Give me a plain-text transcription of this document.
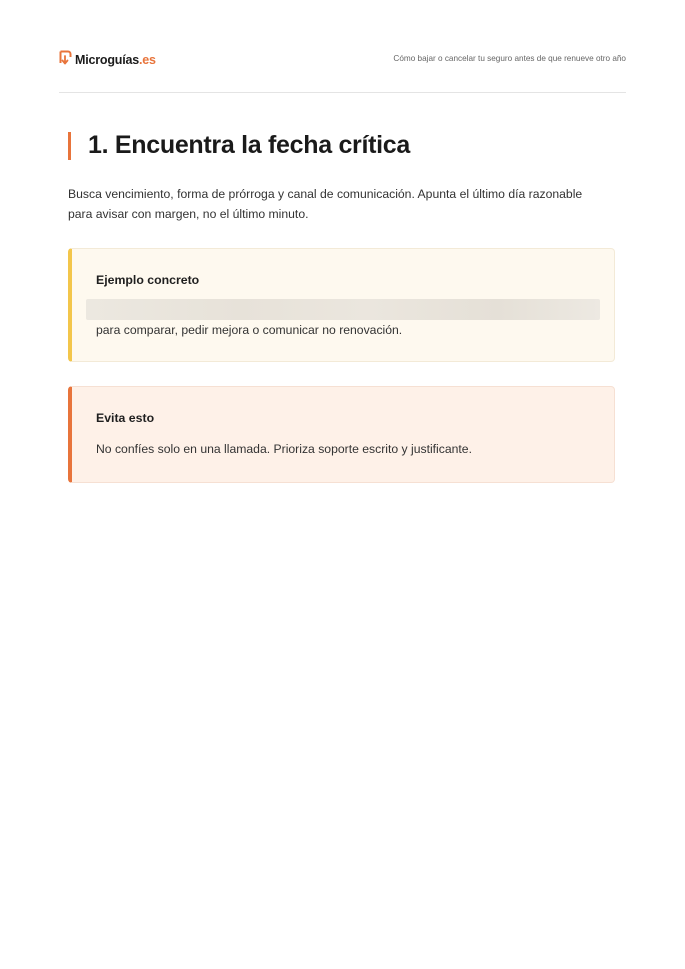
Microguías.es	Cómo bajar o cancelar tu seguro antes de que renueve otro año
1. Encuentra la fecha crítica
Busca vencimiento, forma de prórroga y canal de comunicación. Apunta el último día razonable para avisar con margen, no el último minuto.
Ejemplo concreto
para comparar, pedir mejora o comunicar no renovación.
Evita esto
No confíes solo en una llamada. Prioriza soporte escrito y justificante.
